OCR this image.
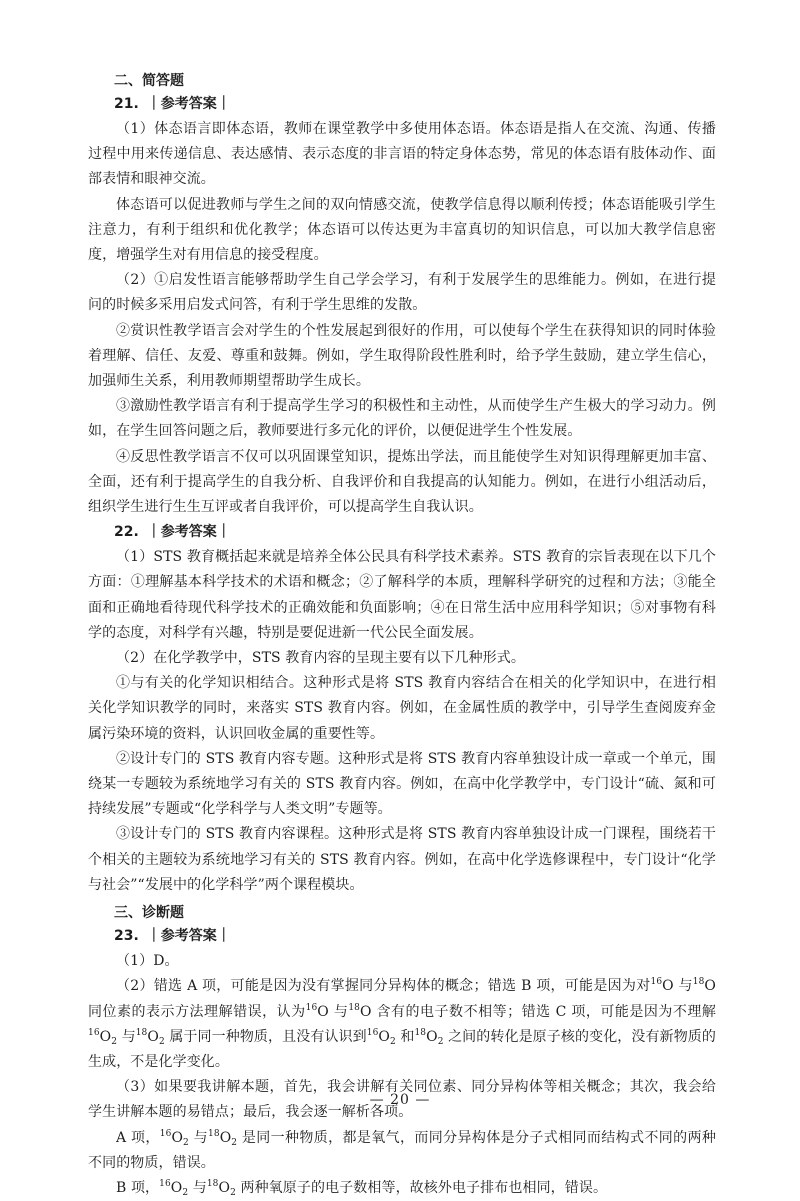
二、简答题
21. ｜参考答案｜

（1）体态语言即体态语，教师在课堂教学中多使用体态语。体态语是指人在交流、沟通、传播过程中用来传递信息、表达感情、表示态度的非言语的特定身体态势，常见的体态语有肢体动作、面部表情和眼神交流。

体态语可以促进教师与学生之间的双向情感交流，使教学信息得以顺利传授；体态语能吸引学生注意力，有利于组织和优化教学；体态语可以传达更为丰富真切的知识信息，可以加大教学信息密度，增强学生对有用信息的接受程度。

（2）①启发性语言能够帮助学生自己学会学习，有利于发展学生的思维能力。例如，在进行提问的时候多采用启发式问答，有利于学生思维的发散。

②赏识性教学语言会对学生的个性发展起到很好的作用，可以使每个学生在获得知识的同时体验着理解、信任、友爱、尊重和鼓舞。例如，学生取得阶段性胜利时，给予学生鼓励，建立学生信心，加强师生关系，利用教师期望帮助学生成长。

③激励性教学语言有利于提高学生学习的积极性和主动性，从而使学生产生极大的学习动力。例如，在学生回答问题之后，教师要进行多元化的评价，以便促进学生个性发展。

④反思性教学语言不仅可以巩固课堂知识，提炼出学法，而且能使学生对知识得理解更加丰富、全面，还有利于提高学生的自我分析、自我评价和自我提高的认知能力。例如，在进行小组活动后，组织学生进行生生互评或者自我评价，可以提高学生自我认识。

22. ｜参考答案｜

（1）STS 教育概括起来就是培养全体公民具有科学技术素养。STS 教育的宗旨表现在以下几个方面：①理解基本科学技术的术语和概念；②了解科学的本质，理解科学研究的过程和方法；③能全面和正确地看待现代科学技术的正确效能和负面影响；④在日常生活中应用科学知识；⑤对事物有科学的态度，对科学有兴趣，特别是要促进新一代公民全面发展。

（2）在化学教学中，STS 教育内容的呈现主要有以下几种形式。

①与有关的化学知识相结合。这种形式是将 STS 教育内容结合在相关的化学知识中，在进行相关化学知识教学的同时，来落实 STS 教育内容。例如，在金属性质的教学中，引导学生查阅废弃金属污染环境的资料，认识回收金属的重要性等。

②设计专门的 STS 教育内容专题。这种形式是将 STS 教育内容单独设计成一章或一个单元，围绕某一专题较为系统地学习有关的 STS 教育内容。例如，在高中化学教学中，专门设计“硫、氮和可持续发展”专题或“化学科学与人类文明”专题等。

③设计专门的 STS 教育内容课程。这种形式是将 STS 教育内容单独设计成一门课程，围绕若干个相关的主题较为系统地学习有关的 STS 教育内容。例如，在高中化学选修课程中，专门设计“化学与社会”“发展中的化学科学”两个课程模块。

三、诊断题
23. ｜参考答案｜

（1）D。

（2）错选 A 项，可能是因为没有掌握同分异构体的概念；错选 B 项，可能是因为对$^{16}$O 与$^{18}$O 同位素的表示方法理解错误，认为$^{16}$O 与$^{18}$O 含有的电子数不相等；错选 C 项，可能是因为不理解$^{16}O_2$ 与$^{18}O_2$ 属于同一种物质，且没有认识到$^{16}O_2$ 和$^{18}O_2$ 之间的转化是原子核的变化，没有新物质的生成，不是化学变化。

（3）如果要我讲解本题，首先，我会讲解有关同位素、同分异构体等相关概念；其次，我会给学生讲解本题的易错点；最后，我会逐一解析各项。

A 项，$^{16}O_2$ 与$^{18}O_2$ 是同一种物质，都是氧气，而同分异构体是分子式相同而结构式不同的两种不同的物质，错误。

B 项，$^{16}O_2$ 与$^{18}O_2$ 两种氧原子的电子数相等，故核外电子排布也相同，错误。

— 20 —
